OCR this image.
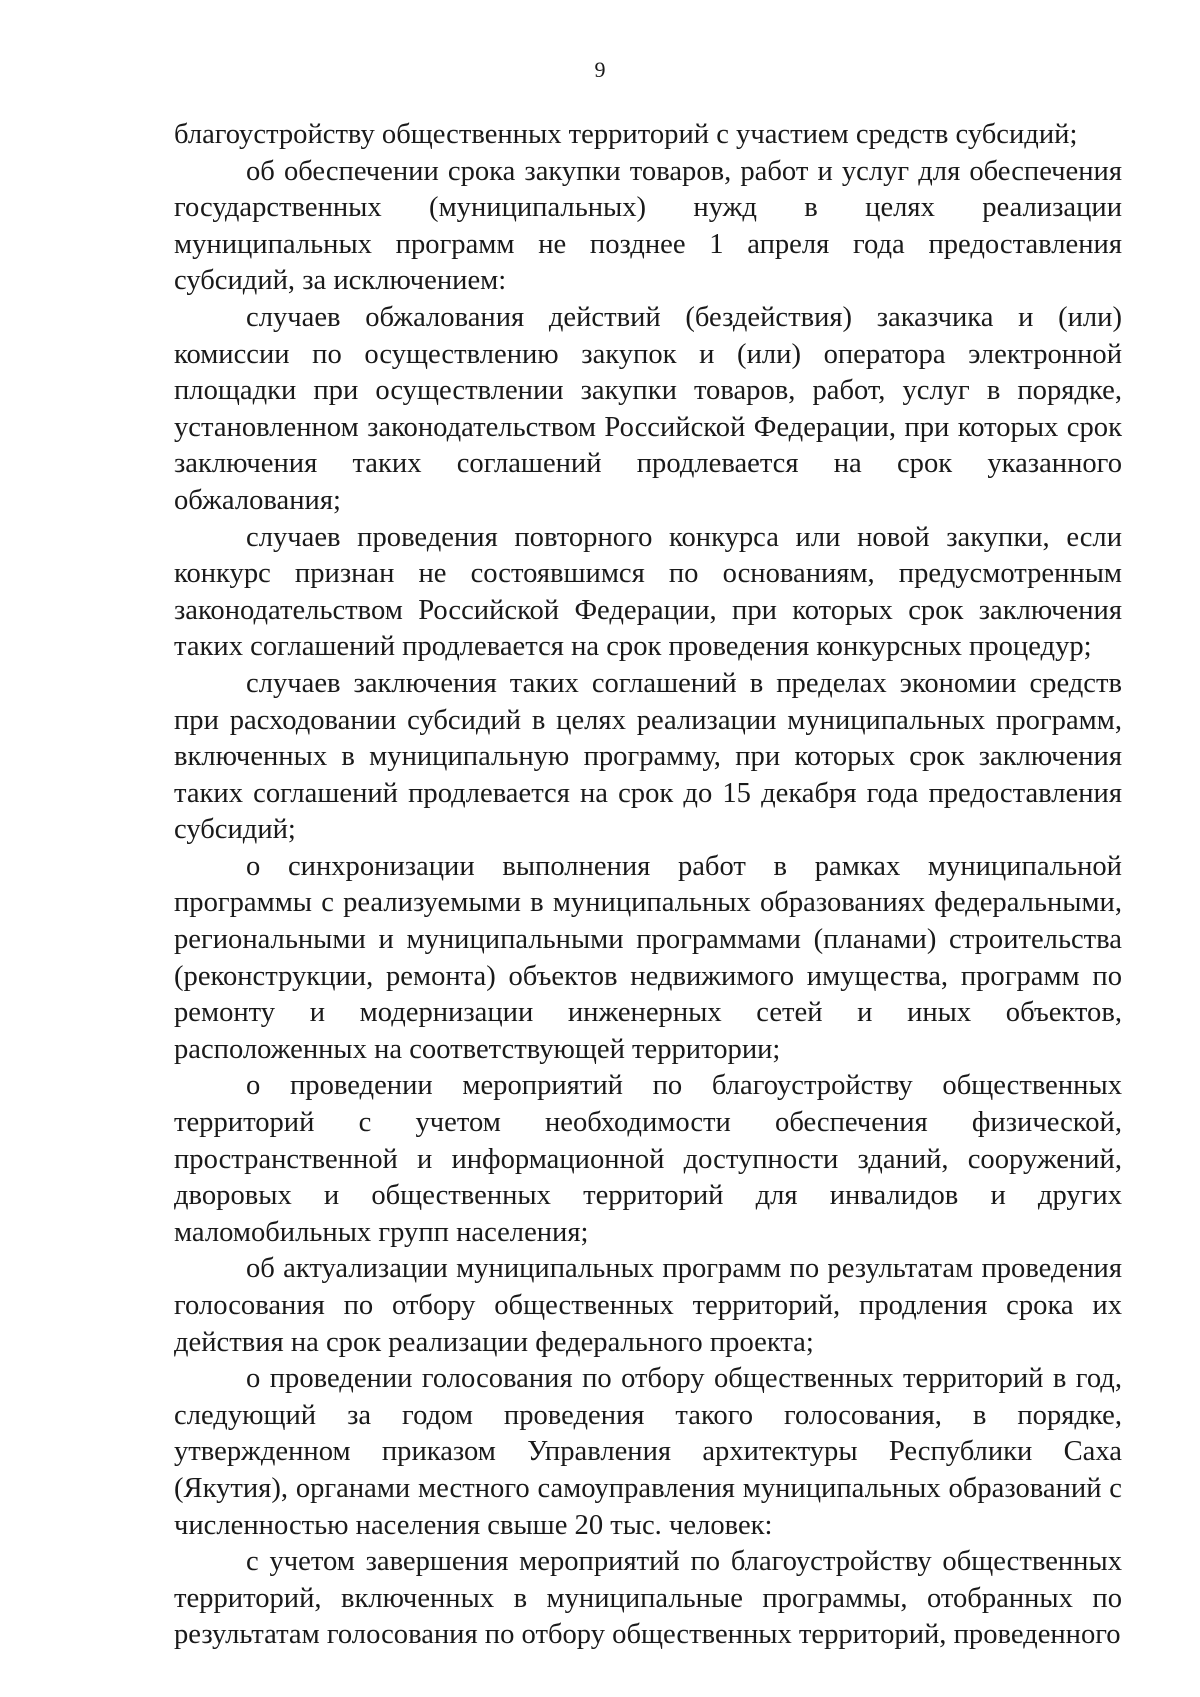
9

благоустройству общественных территорий с участием средств субсидий;

об обеспечении срока закупки товаров, работ и услуг для обеспечения государственных (муниципальных) нужд в целях реализации муниципальных программ не позднее 1 апреля года предоставления субсидий, за исключением:

случаев обжалования действий (бездействия) заказчика и (или) комиссии по осуществлению закупок и (или) оператора электронной площадки при осуществлении закупки товаров, работ, услуг в порядке, установленном законодательством Российской Федерации, при которых срок заключения таких соглашений продлевается на срок указанного обжалования;

случаев проведения повторного конкурса или новой закупки, если конкурс признан не состоявшимся по основаниям, предусмотренным законодательством Российской Федерации, при которых срок заключения таких соглашений продлевается на срок проведения конкурсных процедур;

случаев заключения таких соглашений в пределах экономии средств при расходовании субсидий в целях реализации муниципальных программ, включенных в муниципальную программу, при которых срок заключения таких соглашений продлевается на срок до 15 декабря года предоставления субсидий;

о синхронизации выполнения работ в рамках муниципальной программы с реализуемыми в муниципальных образованиях федеральными, региональными и муниципальными программами (планами) строительства (реконструкции, ремонта) объектов недвижимого имущества, программ по ремонту и модернизации инженерных сетей и иных объектов, расположенных на соответствующей территории;

о проведении мероприятий по благоустройству общественных территорий с учетом необходимости обеспечения физической, пространственной и информационной доступности зданий, сооружений, дворовых и общественных территорий для инвалидов и других маломобильных групп населения;

об актуализации муниципальных программ по результатам проведения голосования по отбору общественных территорий, продления срока их действия на срок реализации федерального проекта;

о проведении голосования по отбору общественных территорий в год, следующий за годом проведения такого голосования, в порядке, утвержденном приказом Управления архитектуры Республики Саха (Якутия), органами местного самоуправления муниципальных образований с численностью населения свыше 20 тыс. человек:

с учетом завершения мероприятий по благоустройству общественных территорий, включенных в муниципальные программы, отобранных по результатам голосования по отбору общественных территорий, проведенного
